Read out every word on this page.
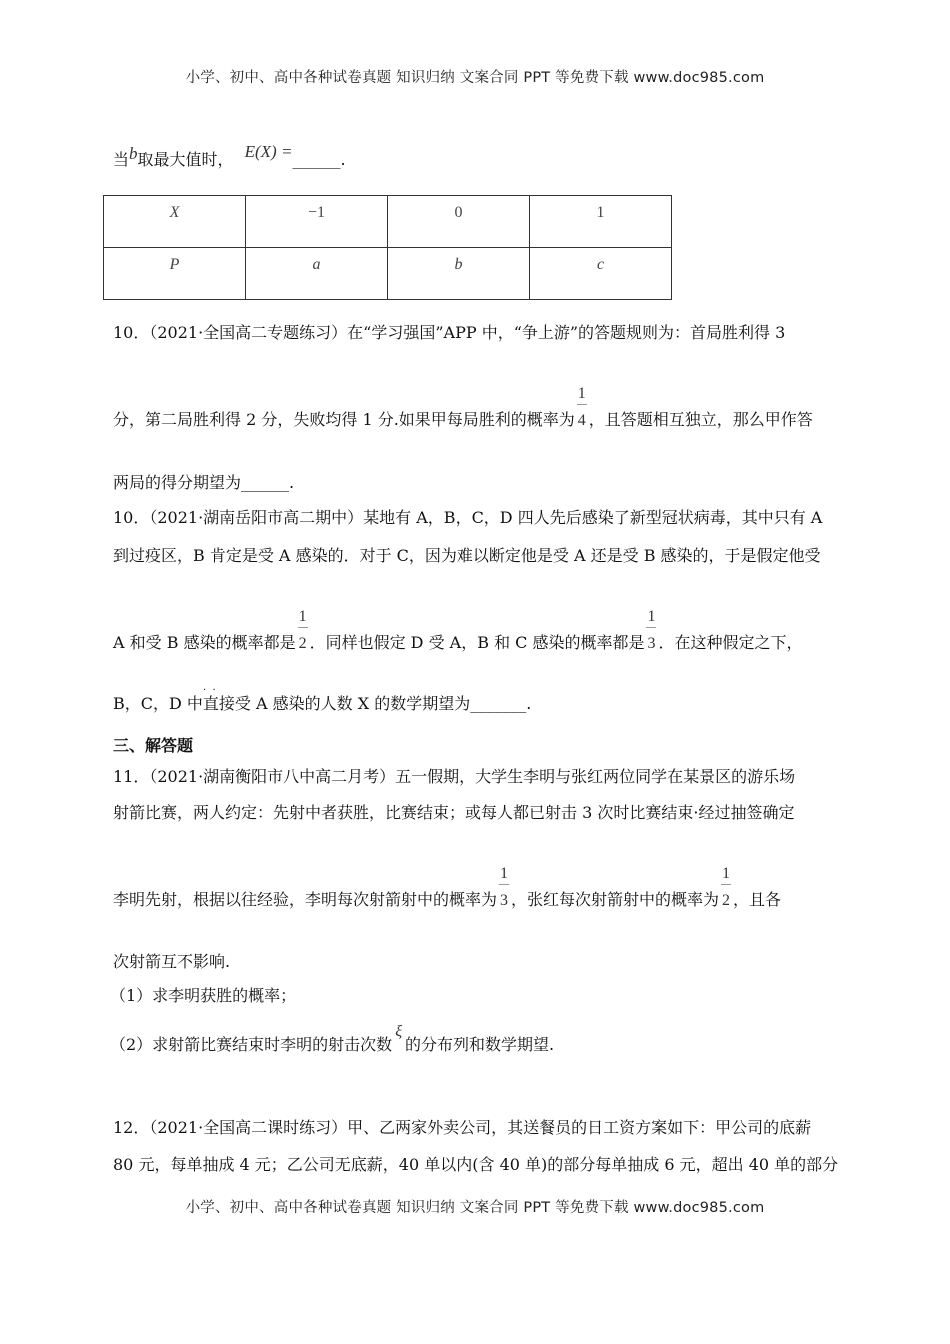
小学、初中、高中各种试卷真题 知识归纳 文案合同 PPT 等免费下载 www.doc985.com
当b取最大值时， E(X) =______.
X	−1	0	1
P	a	b	c
10．（2021·全国高二专题练习）在“学习强国”APP 中，“争上游”的答题规则为：首局胜利得 3
分，第二局胜利得 2 分，失败均得 1 分.如果甲每局胜利的概率为 $\frac{1}{4}$，且答题相互独立，那么甲作答
两局的得分期望为______.
10．（2021·湖南岳阳市高二期中）某地有 A，B，C，D 四人先后感染了新型冠状病毒，其中只有 A
到过疫区，B 肯定是受 A 感染的．对于 C，因为难以断定他是受 A 还是受 B 感染的，于是假定他受
A 和受 B 感染的概率都是 $\frac{1}{2}$．同样也假定 D 受 A，B 和 C 感染的概率都是 $\frac{1}{3}$．在这种假定之下，
·  ·
B，C，D 中直接受 A 感染的人数 X 的数学期望为_______.
三、解答题
11．（2021·湖南衡阳市八中高二月考）五一假期，大学生李明与张红两位同学在某景区的游乐场
射箭比赛，两人约定：先射中者获胜，比赛结束；或每人都已射击 3 次时比赛结束·经过抽签确定
李明先射，根据以往经验，李明每次射箭射中的概率为 $\frac{1}{3}$，张红每次射箭射中的概率为 $\frac{1}{2}$，且各
次射箭互不影响.
（1）求李明获胜的概率；
（2）求射箭比赛结束时李明的射击次数ξ的分布列和数学期望.
12．（2021·全国高二课时练习）甲、乙两家外卖公司，其送餐员的日工资方案如下：甲公司的底薪
80 元，每单抽成 4 元；乙公司无底薪，40 单以内(含 40 单)的部分每单抽成 6 元，超出 40 单的部分
小学、初中、高中各种试卷真题 知识归纳 文案合同 PPT 等免费下载 www.doc985.com
